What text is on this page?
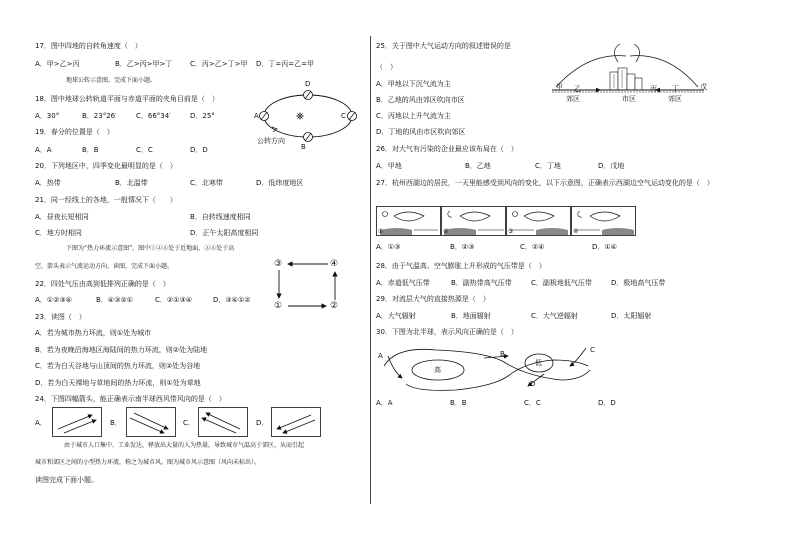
17．图中四地的自转角速度（　）
A．甲>乙>丙	B．乙>丙>甲>丁	C．丙>乙>丁>甲 D．丁=丙=乙=甲
地球公转示意图，完成下面小题。
18．图中地球公转轨道平面与赤道平面的夹角目前是（　）
A．30°	B．23°26′	C．66°34′	D．25°
19．春分的位置是（　）
A．A	B．B	C．C	D．D
D
A	C
B
公转方向
20．下列地区中，四季变化最明显的是（　）
A．热带	B．北温带	C．北寒带	D．低纬度地区
21．同一经线上的各地，一般情况下（　　）
A．昼夜长短相同	B．自转线速度相同
C．地方时相同	D．正午太阳高度相同
下图为“热力环流示意图”，图中①②④处于近地面，③④处于高
空，箭头表示气流运动方向，读图，完成下面小题。	③	④
①	②
22．四处气压由高到低排列正确的是（　）
A．①②③④	B．④③②①	C．②①③④	D．③④①②
23．读图（　）
A．若为城市热力环流，则①处为城市
B．若为夜晚沿海地区海陆间的热力环流，则②处为陆地
C．若为白天谷地与山顶间的热力环流，则②处为谷地
D．若为白天裸地与草地间的热力环流，则①处为草地
24．下图四幅箭头，能正确表示南半球西风带风向的是（　）
A．	B．	C．	D．
由于城市人口集中、工业发达，释放出大量的人为热量，导致城市气温高于郊区，从而引起
城市和郊区之间的小型热力环流，称之为城市风。图为城市风示意图（风向未标出）。
读图完成下面小题。
25．关于图中大气运动方向的叙述错误的是
（　）
A．甲地以下沉气流为主
B．乙地的风由郊区吹向市区
C．丙地以上升气流为主
D．丁地的风由市区吹向郊区
甲 乙	丙 丁	戊
郊区	市区	郊区
26．对大气有污染的企业最应该布局在（　）
A．甲地	B．乙地	C．丁地	D．戊地
27．杭州西湖边的居民，一天里能感受到风向的变化，以下示意图，正确表示西湖边空气运动变化的是（　）
①	②	③	④
A．①③	B．②③	C．②④	D．①④
28．由于气温高、空气膨胀上升形成的气压带是（　）
A．赤道低气压带	B．副热带高气压带	C．副极地低气压带	D．极地高气压带
29．对流层大气的直接热源是（　）
A．大气辐射	B．地面辐射	C．大气逆辐射	D．太阳辐射
30．下图为北半球，表示风向正确的是（　）
A	B	C
D
高
低
A．A	B．B	C．C	D．D
